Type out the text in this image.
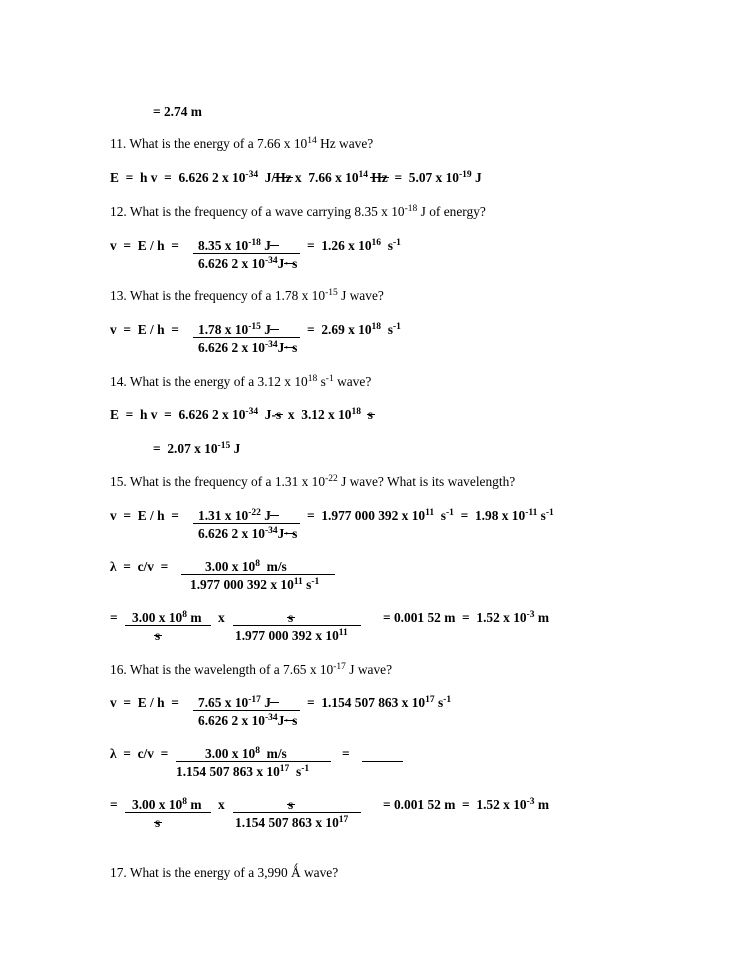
= 2.74 m
11. What is the energy of a 7.66 x $10^{14}$ Hz wave?
E  =  h v  =  6.626 2 x $10^{-34}$  J/Hz
x  7.66 x $10^{14}$ Hz
=  5.07 x $10^{-19}$ J
12. What is the frequency of a wave carrying 8.35 x $10^{-18}$ J of energy?
v  =  E / h  = 8.35 x $10^{-18}$ J	=  1.26 x $10^{16}$  $s^{-1}$
6.626 2 x $10^{-34}J\cdot s$
13. What is the frequency of a 1.78 x $10^{-15}$ J wave?
v  =  E / h  = 1.78 x $10^{-15}$ J	=  2.69 x $10^{18}$  $s^{-1}$
6.626 2 x $10^{-34}J\cdot s$
14. What is the energy of a 3.12 x $10^{18}$ $s^{-1}$ wave?
E  =  h v  =  6.626 2 x $10^{-34}$  J-s
x  3.12 x $10^{18}$ s
=  2.07 x $10^{-15}$ J
15. What is the frequency of a 1.31 x $10^{-22}$ J wave? What is its wavelength?
v  =  E / h  = 1.31 x $10^{-22}$ J	=  1.977 000 392 x $10^{11}$  $s^{-1} = 1.98$ x $10^{-11}$ $s^{-1}$
6.626 2 x $10^{-34}J\cdot s$
λ  =  c/v  =	3.00 x $10^8$  m/s
1.977 000 392 x $10^{11}$ $s^{-1}$
= 3.00 x $10^8$ m
s
x	s
1.977 000 392 x $10^{11}$
= 0.001 52 m  =  1.52 x $10^{-3}$ m
16. What is the wavelength of a 7.65 x $10^{-17}$ J wave?
v  =  E / h  = 7.65 x $10^{-17}$ J	=  1.154 507 863 x $10^{17}$ $s^{-1}$
6.626 2 x $10^{-34}J\cdot s$
λ  =  c/v  =	3.00 x $10^8$  m/s
1.154 507 863 x $10^{17}$  $s^{-1}$
=
= 3.00 x $10^8$ m
s
x	s
1.154 507 863 x $10^{17}$
= 0.001 52 m  =  1.52 x $10^{-3}$ m
17. What is the energy of a 3,990 Ǻ wave?
